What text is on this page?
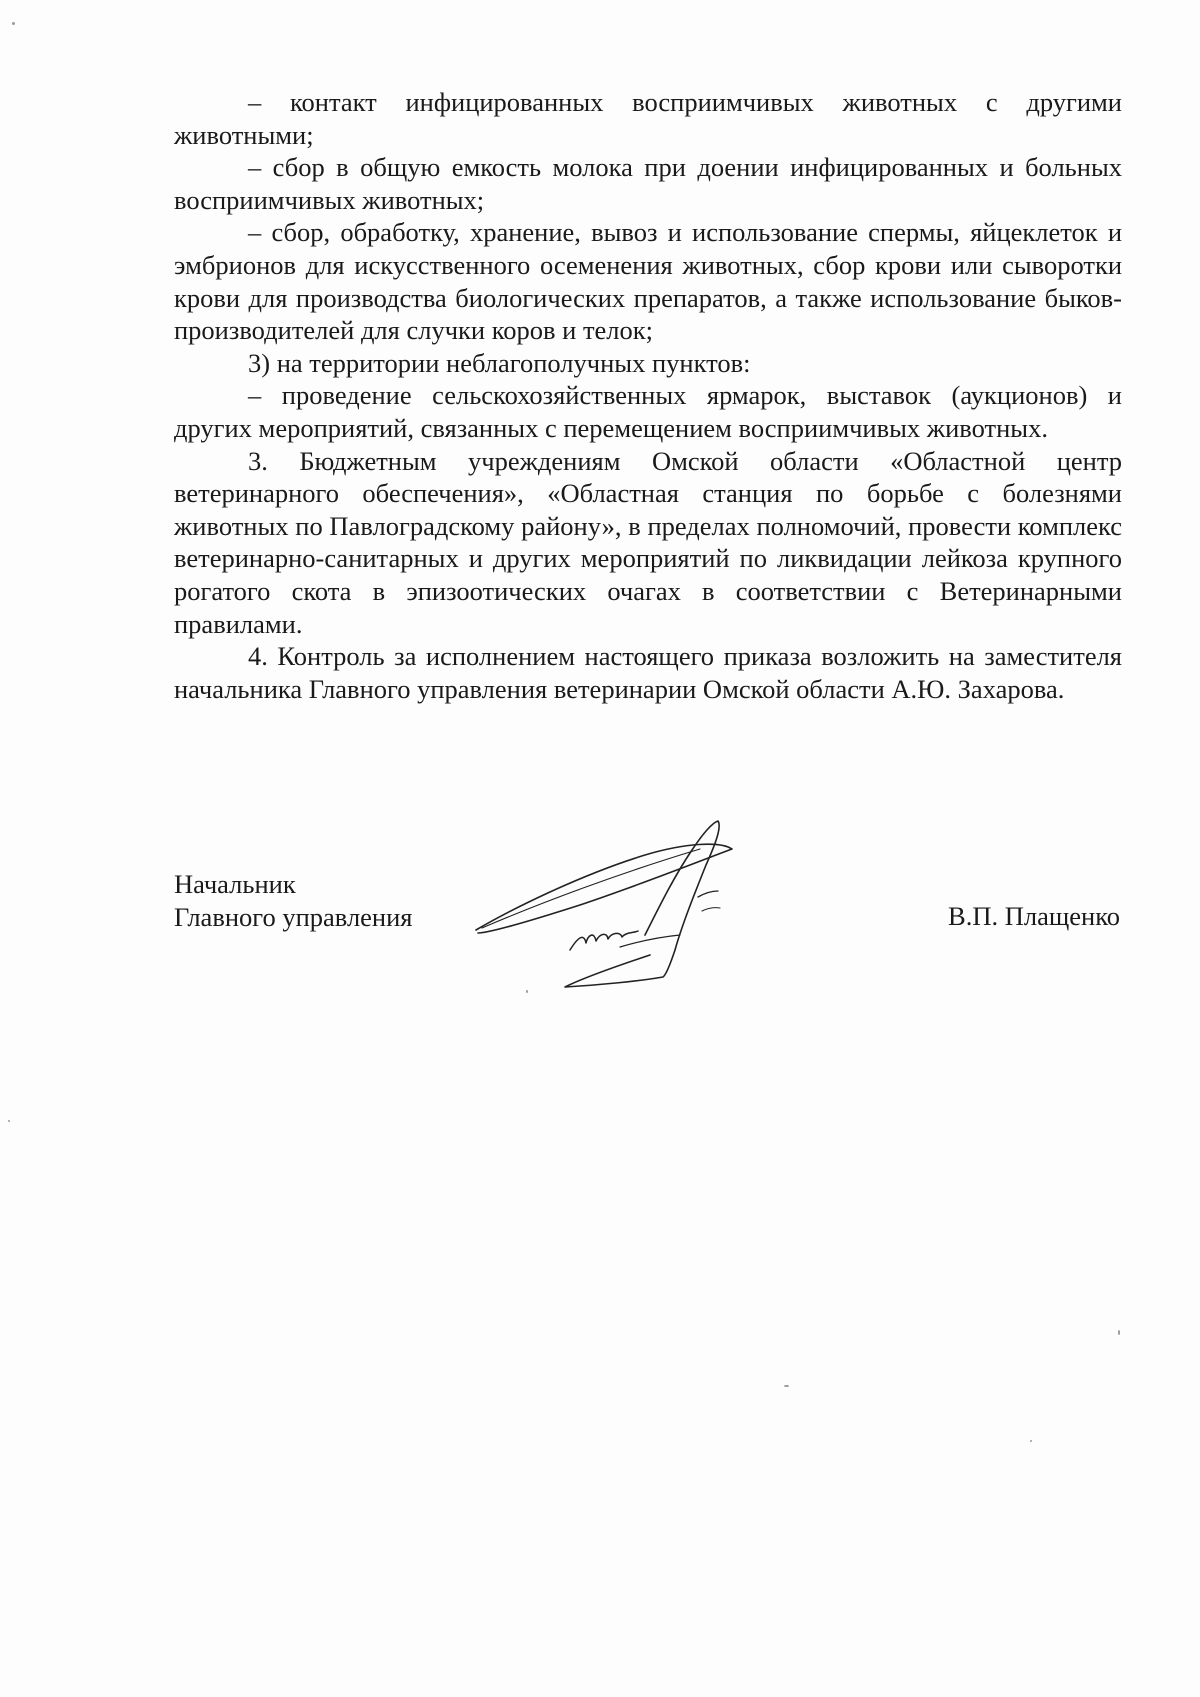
– контакт инфицированных восприимчивых животных с другими животными;

– сбор в общую емкость молока при доении инфицированных и больных восприимчивых животных;

– сбор, обработку, хранение, вывоз и использование спермы, яйцеклеток и эмбрионов для искусственного осеменения животных, сбор крови или сыворотки крови для производства биологических препаратов, а также использование быков-производителей для случки коров и телок;

3) на территории неблагополучных пунктов:

– проведение сельскохозяйственных ярмарок, выставок (аукционов) и других мероприятий, связанных с перемещением восприимчивых животных.

3. Бюджетным учреждениям Омской области «Областной центр ветеринарного обеспечения», «Областная станция по борьбе с болезнями животных по Павлоградскому району», в пределах полномочий, провести комплекс ветеринарно-санитарных и других мероприятий по ликвидации лейкоза крупного рогатого скота в эпизоотических очагах в соответствии с Ветеринарными правилами.

4. Контроль за исполнением настоящего приказа возложить на заместителя начальника Главного управления ветеринарии Омской области А.Ю. Захарова.

Начальник
Главного управления	В.П. Плащенко
